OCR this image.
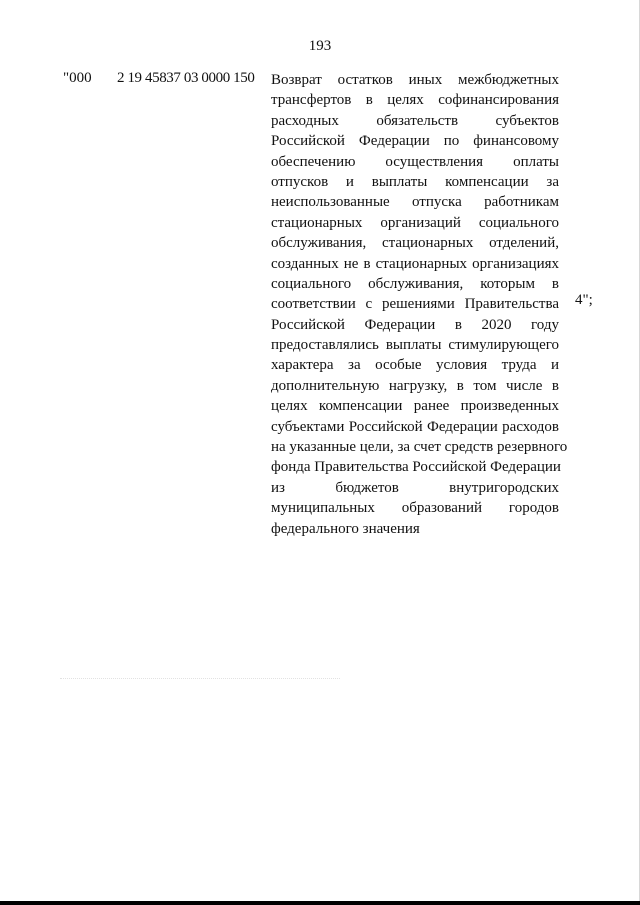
193
"000 2 19 45837 03 0000 150 Возврат остатков иных межбюджетных
трансфертов в целях софинансирования
расходных обязательств субъектов
Российской Федерации по финансовому
обеспечению осуществления оплаты
отпусков и выплаты компенсации за
неиспользованные отпуска работникам
стационарных организаций социального
обслуживания, стационарных отделений,
созданных не в стационарных организациях
социального обслуживания, которым в
соответствии с решениями Правительства
Российской Федерации в 2020 году
предоставлялись выплаты стимулирующего
характера за особые условия труда и
дополнительную нагрузку, в том числе в
целях компенсации ранее произведенных
субъектами Российской Федерации расходов
на указанные цели, за счет средств резервного
фонда Правительства Российской Федерации
из бюджетов внутригородских
муниципальных образований городов
федерального значения

4";
